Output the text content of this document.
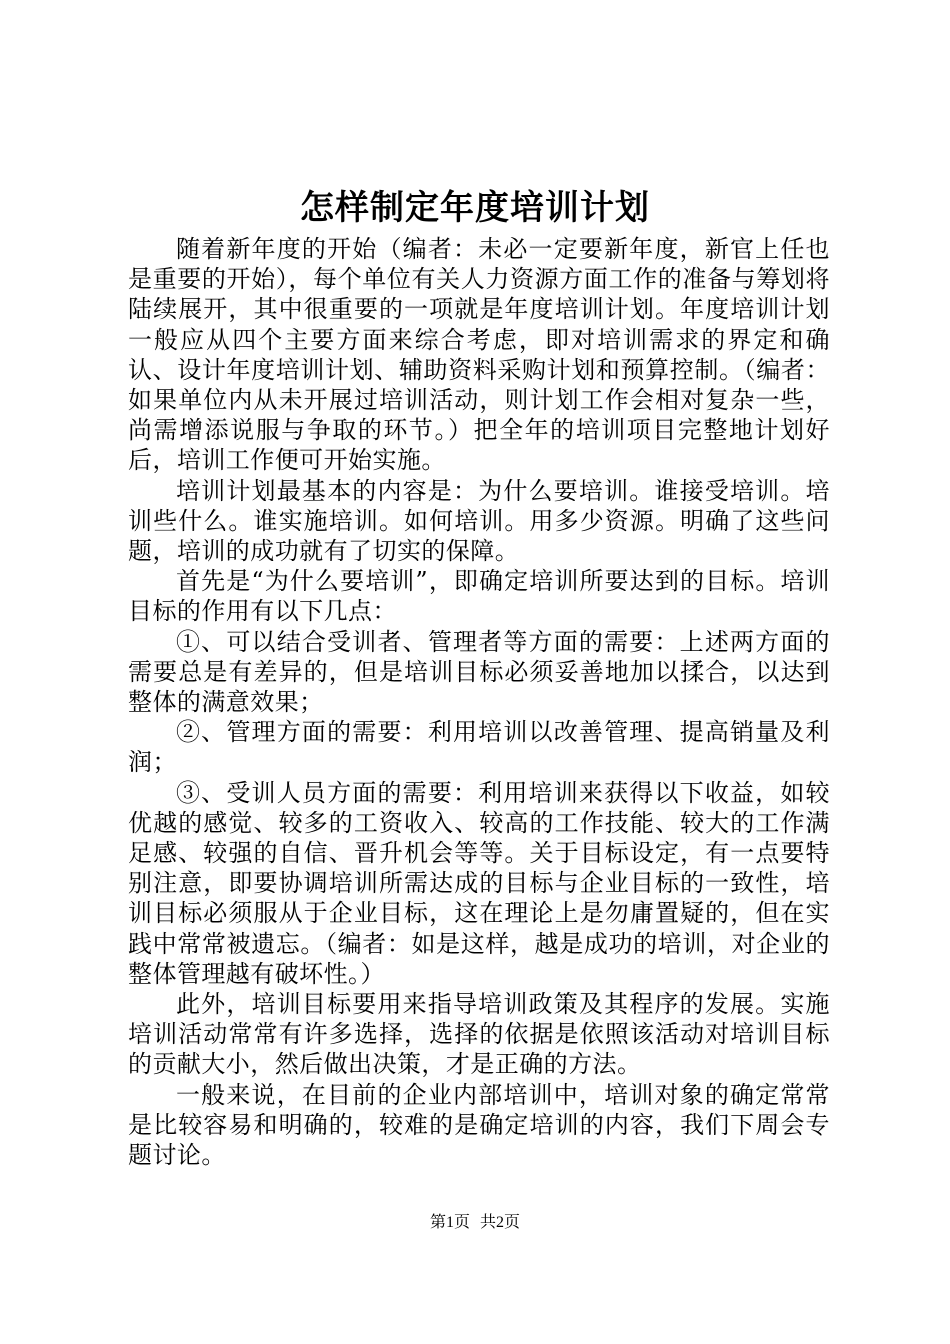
怎样制定年度培训计划

随着新年度的开始（编者：未必一定要新年度，新官上任也是重要的开始），每个单位有关人力资源方面工作的准备与筹划将陆续展开，其中很重要的一项就是年度培训计划。年度培训计划一般应从四个主要方面来综合考虑，即对培训需求的界定和确认、设计年度培训计划、辅助资料采购计划和预算控制。（编者：如果单位内从未开展过培训活动，则计划工作会相对复杂一些，尚需增添说服与争取的环节。）把全年的培训项目完整地计划好后，培训工作便可开始实施。

培训计划最基本的内容是：为什么要培训。谁接受培训。培训些什么。谁实施培训。如何培训。用多少资源。明确了这些问题，培训的成功就有了切实的保障。

首先是“为什么要培训”，即确定培训所要达到的目标。培训目标的作用有以下几点：

①、可以结合受训者、管理者等方面的需要：上述两方面的需要总是有差异的，但是培训目标必须妥善地加以揉合，以达到整体的满意效果；

②、管理方面的需要：利用培训以改善管理、提高销量及利润；

③、受训人员方面的需要：利用培训来获得以下收益，如较优越的感觉、较多的工资收入、较高的工作技能、较大的工作满足感、较强的自信、晋升机会等等。关于目标设定，有一点要特别注意，即要协调培训所需达成的目标与企业目标的一致性，培训目标必须服从于企业目标，这在理论上是勿庸置疑的，但在实践中常常被遗忘。（编者：如是这样，越是成功的培训，对企业的整体管理越有破坏性。）

此外，培训目标要用来指导培训政策及其程序的发展。实施培训活动常常有许多选择，选择的依据是依照该活动对培训目标的贡献大小，然后做出决策，才是正确的方法。

一般来说，在目前的企业内部培训中，培训对象的确定常常是比较容易和明确的，较难的是确定培训的内容，我们下周会专题讨论。

第1页 共2页
